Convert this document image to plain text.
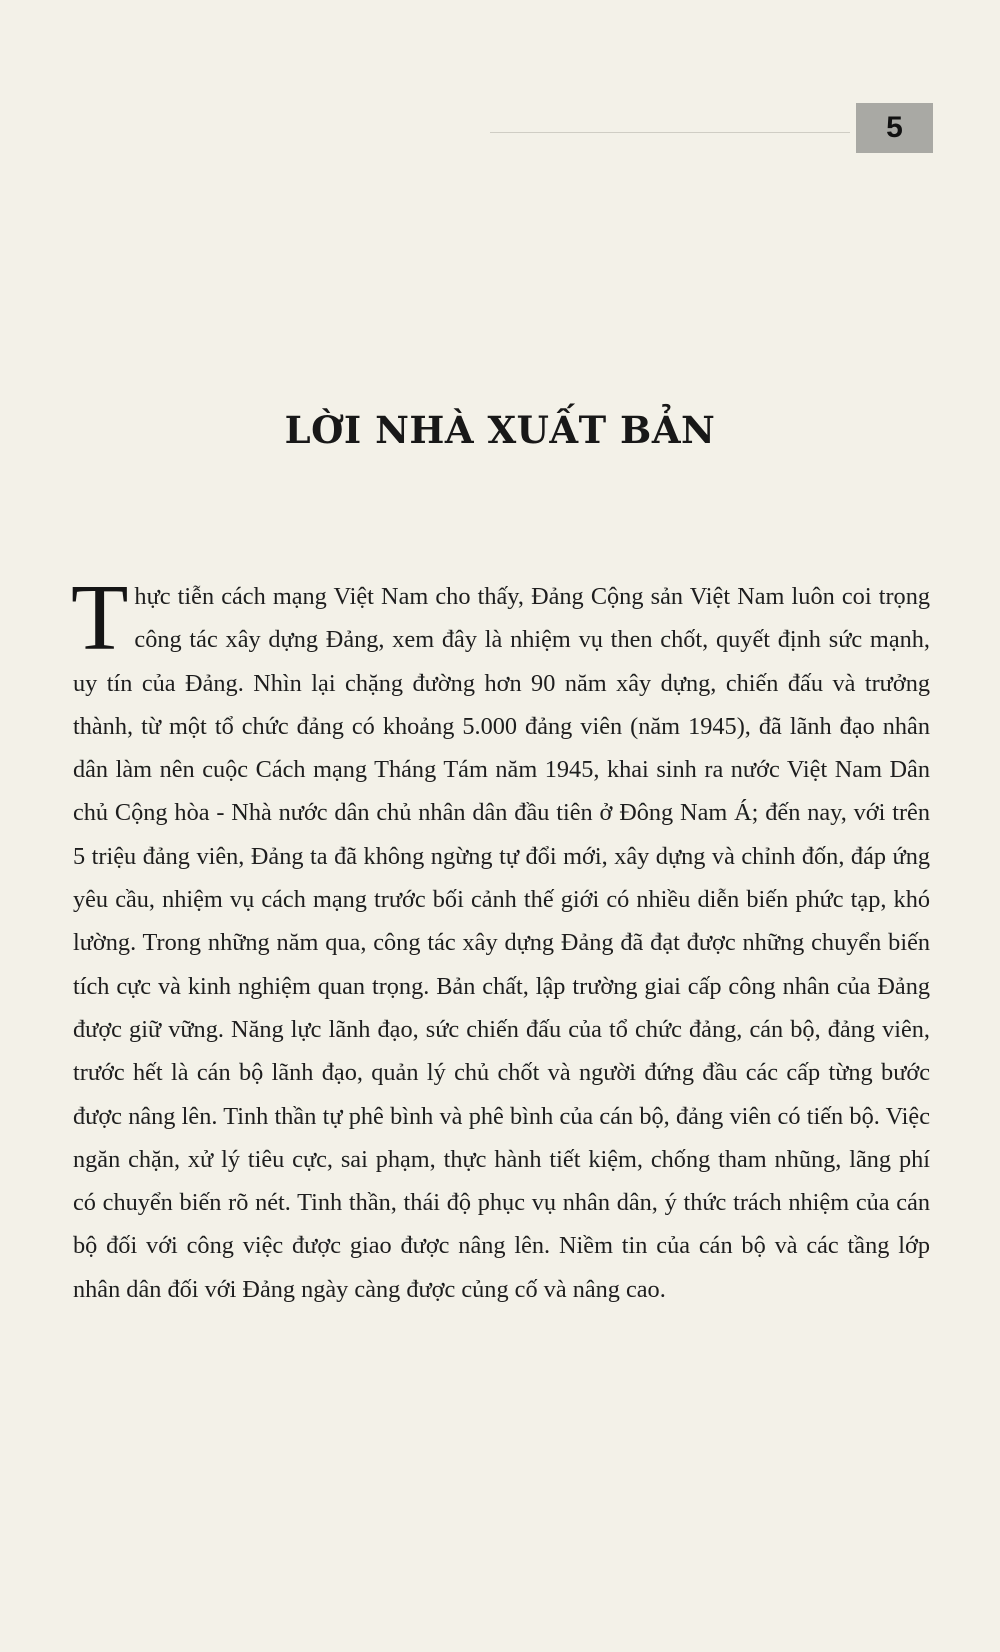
5
LỜI NHÀ XUẤT BẢN
Thực tiễn cách mạng Việt Nam cho thấy, Đảng Cộng sản Việt Nam luôn coi trọng công tác xây dựng Đảng, xem đây là nhiệm vụ then chốt, quyết định sức mạnh, uy tín của Đảng. Nhìn lại chặng đường hơn 90 năm xây dựng, chiến đấu và trưởng thành, từ một tổ chức đảng có khoảng 5.000 đảng viên (năm 1945), đã lãnh đạo nhân dân làm nên cuộc Cách mạng Tháng Tám năm 1945, khai sinh ra nước Việt Nam Dân chủ Cộng hòa - Nhà nước dân chủ nhân dân đầu tiên ở Đông Nam Á; đến nay, với trên 5 triệu đảng viên, Đảng ta đã không ngừng tự đổi mới, xây dựng và chỉnh đốn, đáp ứng yêu cầu, nhiệm vụ cách mạng trước bối cảnh thế giới có nhiều diễn biến phức tạp, khó lường. Trong những năm qua, công tác xây dựng Đảng đã đạt được những chuyển biến tích cực và kinh nghiệm quan trọng. Bản chất, lập trường giai cấp công nhân của Đảng được giữ vững. Năng lực lãnh đạo, sức chiến đấu của tổ chức đảng, cán bộ, đảng viên, trước hết là cán bộ lãnh đạo, quản lý chủ chốt và người đứng đầu các cấp từng bước được nâng lên. Tinh thần tự phê bình và phê bình của cán bộ, đảng viên có tiến bộ. Việc ngăn chặn, xử lý tiêu cực, sai phạm, thực hành tiết kiệm, chống tham nhũng, lãng phí có chuyển biến rõ nét. Tinh thần, thái độ phục vụ nhân dân, ý thức trách nhiệm của cán bộ đối với công việc được giao được nâng lên. Niềm tin của cán bộ và các tầng lớp nhân dân đối với Đảng ngày càng được củng cố và nâng cao.
